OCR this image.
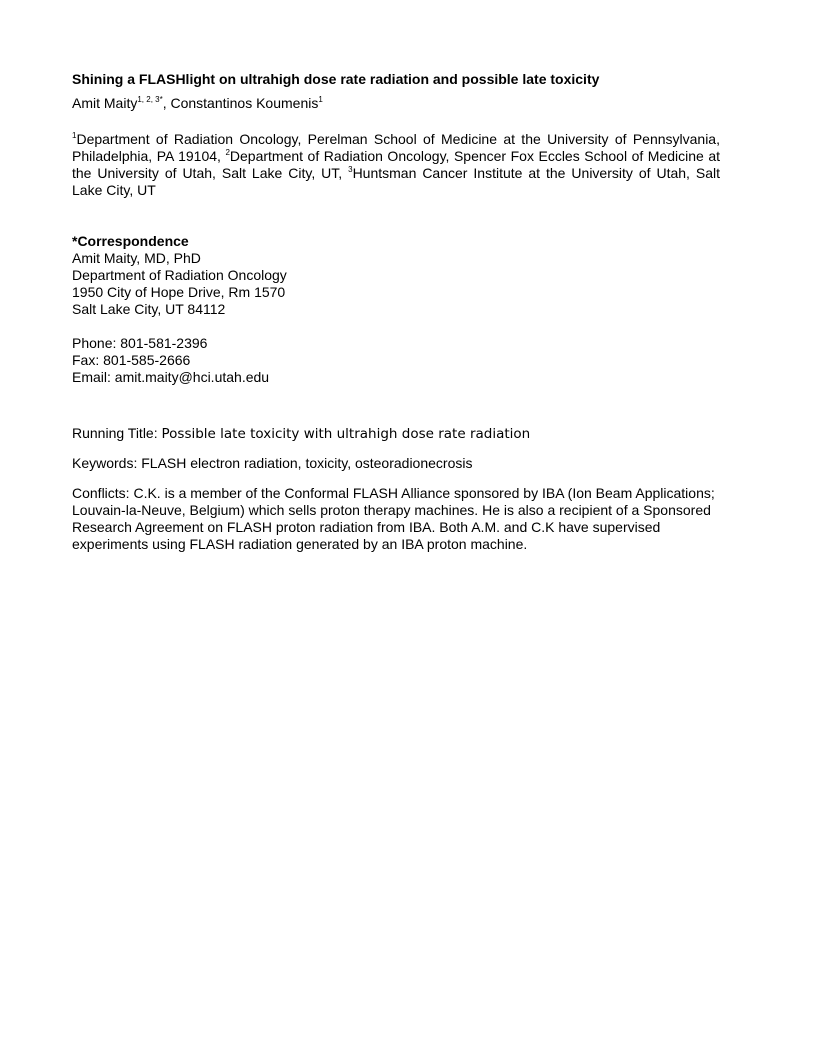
Shining a FLASHlight on ultrahigh dose rate radiation and possible late toxicity

Amit Maity$^{1, 2, 3*}$, Constantinos Koumenis$^1$

$^1$Department of Radiation Oncology, Perelman School of Medicine at the University of Pennsylvania, Philadelphia, PA 19104, $^2$Department of Radiation Oncology, Spencer Fox Eccles School of Medicine at the University of Utah, Salt Lake City, UT, $^3$Huntsman Cancer Institute at the University of Utah, Salt Lake City, UT

*Correspondence
Amit Maity, MD, PhD
Department of Radiation Oncology
1950 City of Hope Drive, Rm 1570
Salt Lake City, UT 84112
Phone: 801-581-2396
Fax: 801-585-2666
Email: amit.maity@hci.utah.edu

Running Title: Possible late toxicity with ultrahigh dose rate radiation

Keywords: FLASH electron radiation, toxicity, osteoradionecrosis

Conflicts: C.K. is a member of the Conformal FLASH Alliance sponsored by IBA (Ion Beam Applications; Louvain-la-Neuve, Belgium) which sells proton therapy machines. He is also a recipient of a Sponsored Research Agreement on FLASH proton radiation from IBA. Both A.M. and C.K have supervised experiments using FLASH radiation generated by an IBA proton machine.
